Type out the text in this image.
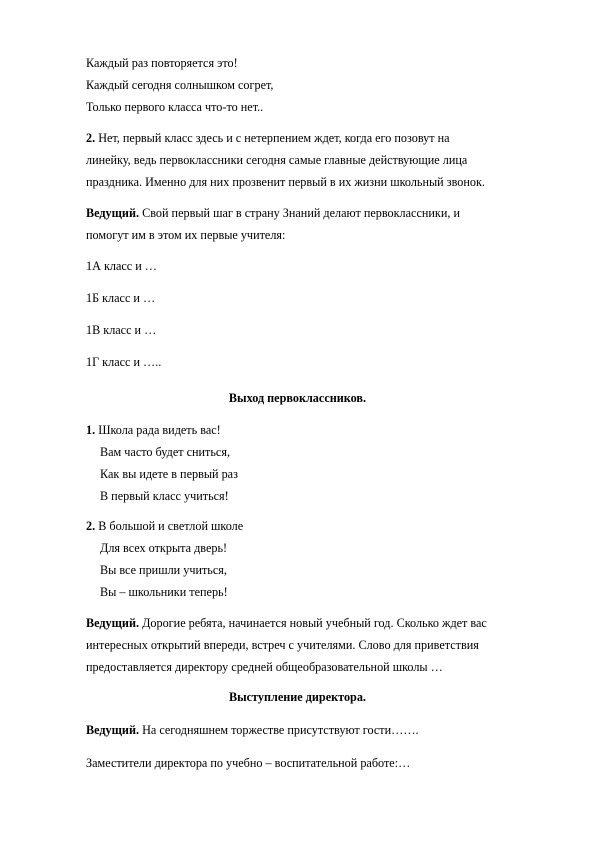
Каждый раз повторяется это!
Каждый сегодня солнышком согрет,
Только первого класса что-то нет..
2. Нет, первый класс здесь и с нетерпением ждет, когда его позовут на
линейку, ведь первоклассники сегодня самые главные действующие лица
праздника. Именно для них прозвенит первый в их жизни школьный звонок.
Ведущий. Свой первый шаг в страну Знаний делают первоклассники, и
помогут им в этом их первые учителя:
1А класс и …
1Б класс и …
1В класс и …
1Г класс и …..
Выход первоклассников.
1. Школа рада видеть вас!
Вам часто будет сниться,
Как вы идете в первый раз
В первый класс учиться!
2. В большой и светлой школе
Для всех открыта дверь!
Вы все пришли учиться,
Вы – школьники теперь!
Ведущий. Дорогие ребята, начинается новый учебный год. Сколько ждет вас
интересных открытий впереди, встреч с учителями. Слово для приветствия
предоставляется директору средней общеобразовательной школы …
Выступление директора.
Ведущий. На сегодняшнем торжестве присутствуют гости…….
Заместители директора по учебно – воспитательной работе:…
